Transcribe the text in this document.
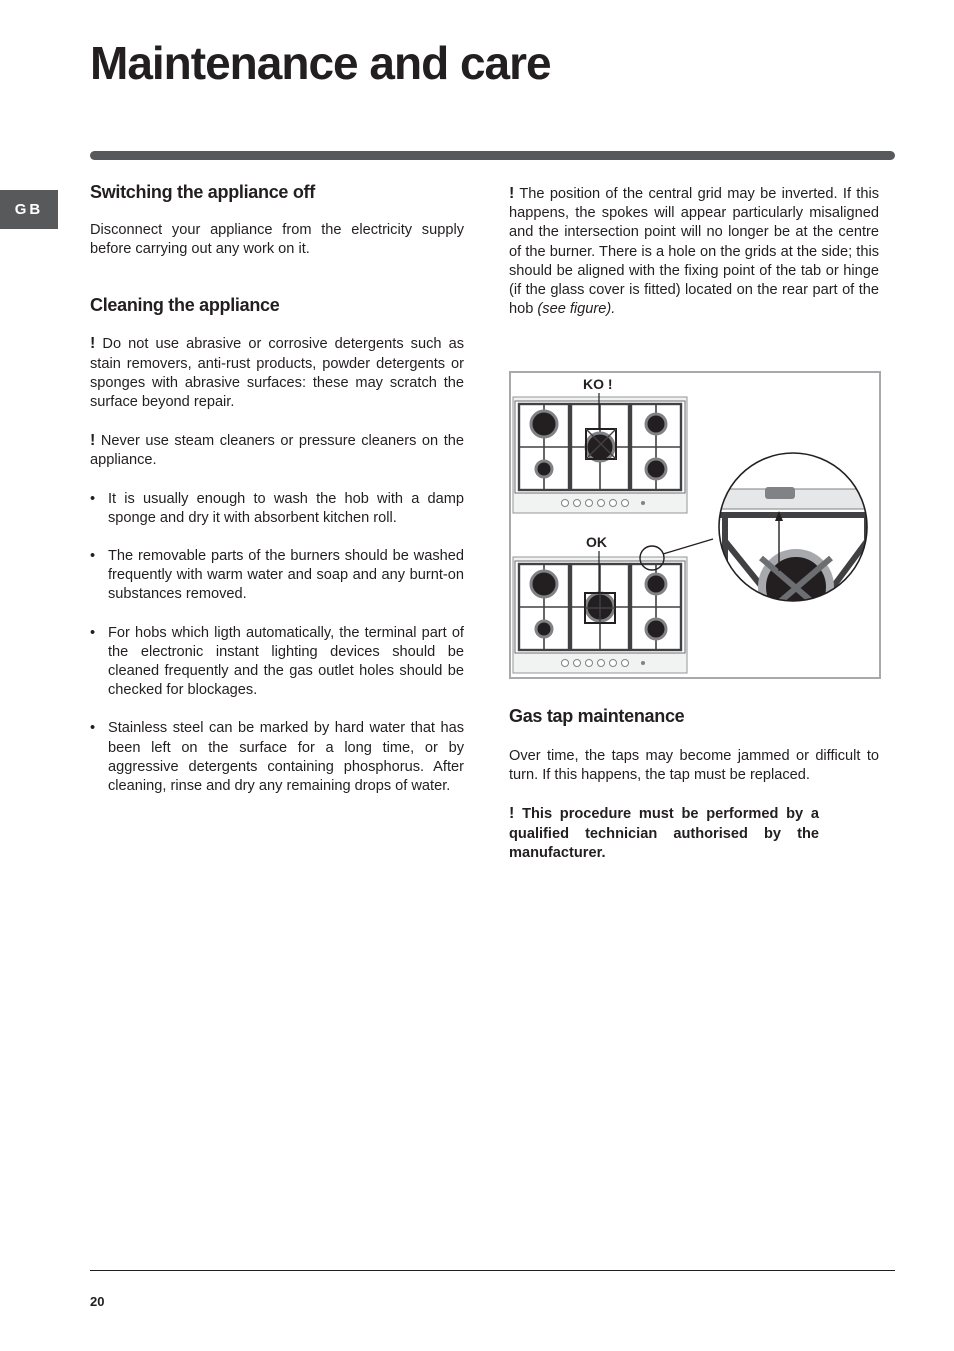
Maintenance and care
GB
Switching the appliance off

Disconnect your appliance from the electricity supply before carrying out any work on it.

Cleaning the appliance

! Do not use abrasive or corrosive detergents such as stain removers, anti-rust products, powder detergents or sponges with abrasive surfaces: these may scratch the surface beyond repair.

! Never use steam cleaners or pressure cleaners on the appliance.

• It is usually enough to wash the hob with a damp sponge and dry it with absorbent kitchen roll.
• The removable parts of the burners should be washed frequently with warm water and soap and any burnt-on substances removed.
• For hobs which ligth automatically, the terminal part of the electronic instant lighting devices should be cleaned frequently and the gas outlet holes should be checked for blockages.
• Stainless steel can be marked by hard water that has been left on the surface for a long time, or by aggressive detergents containing phosphorus. After cleaning, rinse and dry any remaining drops of water.

! The position of the central grid may be inverted. If this happens, the spokes will appear particularly misaligned and the intersection point will no longer be at the centre of the burner. There is a hole on the grids at the side; this should be aligned with the fixing point of the tab or hinge (if the glass cover is fitted) located on the rear part of the hob (see figure).

KO !
OK
Gas tap maintenance

Over time, the taps may become jammed or difficult to turn. If this happens, the tap must be replaced.

! This procedure must be performed by a qualified technician authorised by the manufacturer.

20
